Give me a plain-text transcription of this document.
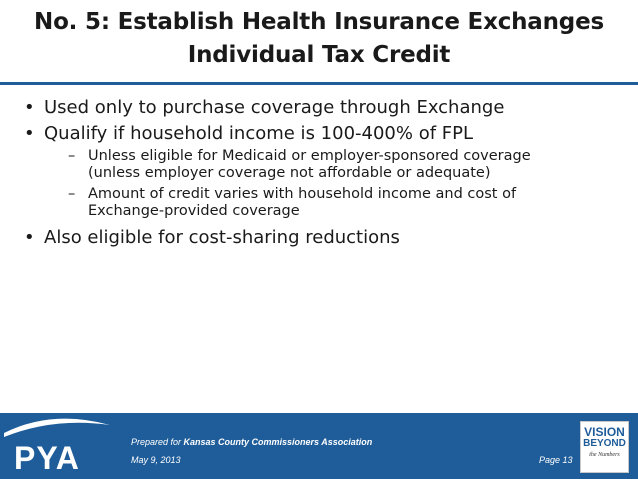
No. 5: Establish Health Insurance Exchanges
Individual Tax Credit
• Used only to purchase coverage through Exchange
• Qualify if household income is 100-400% of FPL
– Unless eligible for Medicaid or employer-sponsored coverage (unless employer coverage not affordable or adequate)
– Amount of credit varies with household income and cost of Exchange-provided coverage
• Also eligible for cost-sharing reductions
PYA	Prepared for Kansas County Commissioners Association
May 9, 2013	Page 13
VISION
BEYOND
the Numbers
